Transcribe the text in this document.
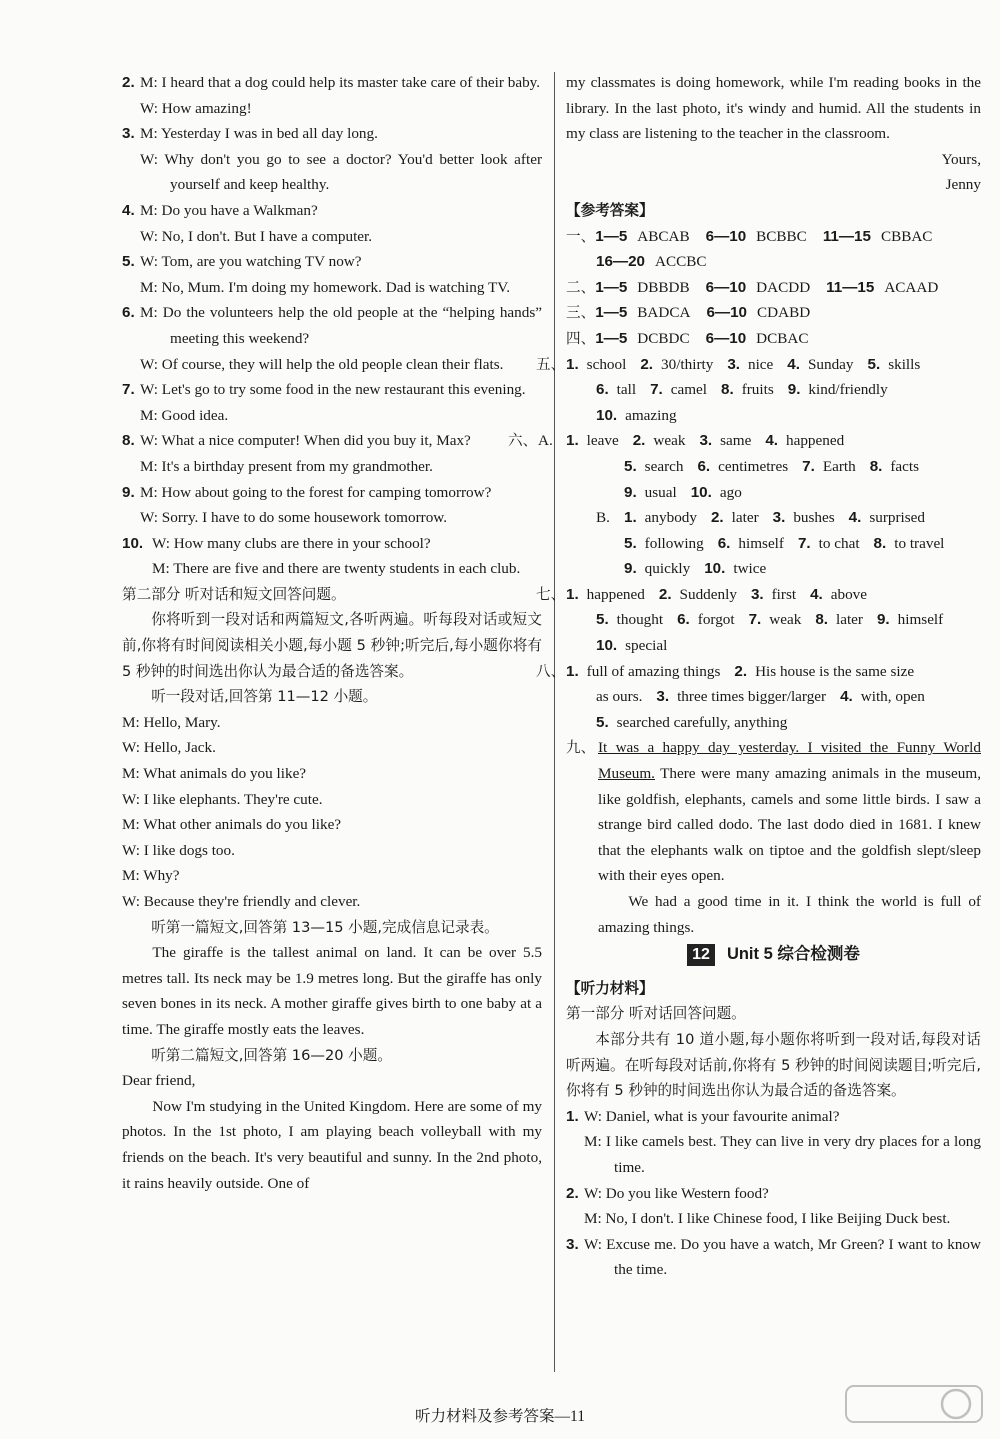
2. M: I heard that a dog could help its master take care of their baby.
W: How amazing!
3. M: Yesterday I was in bed all day long.
W: Why don't you go to see a doctor? You'd better look after yourself and keep healthy.
4. M: Do you have a Walkman?
W: No, I don't. But I have a computer.
5. W: Tom, are you watching TV now?
M: No, Mum. I'm doing my homework. Dad is watching TV.
6. M: Do the volunteers help the old people at the “helping hands” meeting this weekend?
W: Of course, they will help the old people clean their flats.
7. W: Let's go to try some food in the new restaurant this evening.
M: Good idea.
8. W: What a nice computer! When did you buy it, Max?
M: It's a birthday present from my grandmother.
9. M: How about going to the forest for camping tomorrow?
W: Sorry. I have to do some housework tomorrow.
10. W: How many clubs are there in your school?
M: There are five and there are twenty students in each club.
第二部分 听对话和短文回答问题。
你将听到一段对话和两篇短文,各听两遍。听每段对话或短文前,你将有时间阅读相关小题,每小题 5 秒钟;听完后,每小题你将有 5 秒钟的时间选出你认为最合适的备选答案。
听一段对话,回答第 11—12 小题。
M: Hello, Mary.
W: Hello, Jack.
M: What animals do you like?
W: I like elephants. They're cute.
M: What other animals do you like?
W: I like dogs too.
M: Why?
W: Because they're friendly and clever.
听第一篇短文,回答第 13—15 小题,完成信息记录表。
The giraffe is the tallest animal on land. It can be over 5.5 metres tall. Its neck may be 1.9 metres long. But the giraffe has only seven bones in its neck. A mother giraffe gives birth to one baby at a time. The giraffe mostly eats the leaves.
听第二篇短文,回答第 16—20 小题。
Dear friend,
Now I'm studying in the United Kingdom. Here are some of my photos. In the 1st photo, I am playing beach volleyball with my friends on the beach. It's very beautiful and sunny. In the 2nd photo, it rains heavily outside. One of
my classmates is doing homework, while I'm reading books in the library. In the last photo, it's windy and humid. All the students in my class are listening to the teacher in the classroom.
Yours,
Jenny
【参考答案】
一、1—5 ABCAB 6—10 BCBBC 11—15 CBBAC
16—20 ACCBC
二、1—5 DBBDB 6—10 DACDD 11—15 ACAAD
三、1—5 BADCA 6—10 CDABD
四、1—5 DCBDC 6—10 DCBAC
五、1. school 2. 30/thirty 3. nice 4. Sunday 5. skills
6. tall 7. camel 8. fruits 9. kind/friendly
10. amazing
六、A. 1. leave 2. weak 3. same 4. happened
5. search 6. centimetres 7. Earth 8. facts
9. usual 10. ago
B. 1. anybody 2. later 3. bushes 4. surprised
5. following 6. himself 7. to chat 8. to travel
9. quickly 10. twice
七、1. happened 2. Suddenly 3. first 4. above
5. thought 6. forgot 7. weak 8. later 9. himself
10. special
八、1. full of amazing things 2. His house is the same size
as ours. 3. three times bigger/larger 4. with, open
5. searched carefully, anything
九、 It was a happy day yesterday. I visited the Funny World Museum. There were many amazing animals in the museum, like goldfish, elephants, camels and some little birds. I saw a strange bird called dodo. The last dodo died in 1681. I knew that the elephants walk on tiptoe and the goldfish slept/sleep with their eyes open.
We had a good time in it. I think the world is full of amazing things.
12 Unit 5 综合检测卷
【听力材料】
第一部分 听对话回答问题。
本部分共有 10 道小题,每小题你将听到一段对话,每段对话听两遍。在听每段对话前,你将有 5 秒钟的时间阅读题目;听完后,你将有 5 秒钟的时间选出你认为最合适的备选答案。
1. W: Daniel, what is your favourite animal?
M: I like camels best. They can live in very dry places for a long time.
2. W: Do you like Western food?
M: No, I don't. I like Chinese food, I like Beijing Duck best.
3. W: Excuse me. Do you have a watch, Mr Green? I want to know the time.
听力材料及参考答案—11
